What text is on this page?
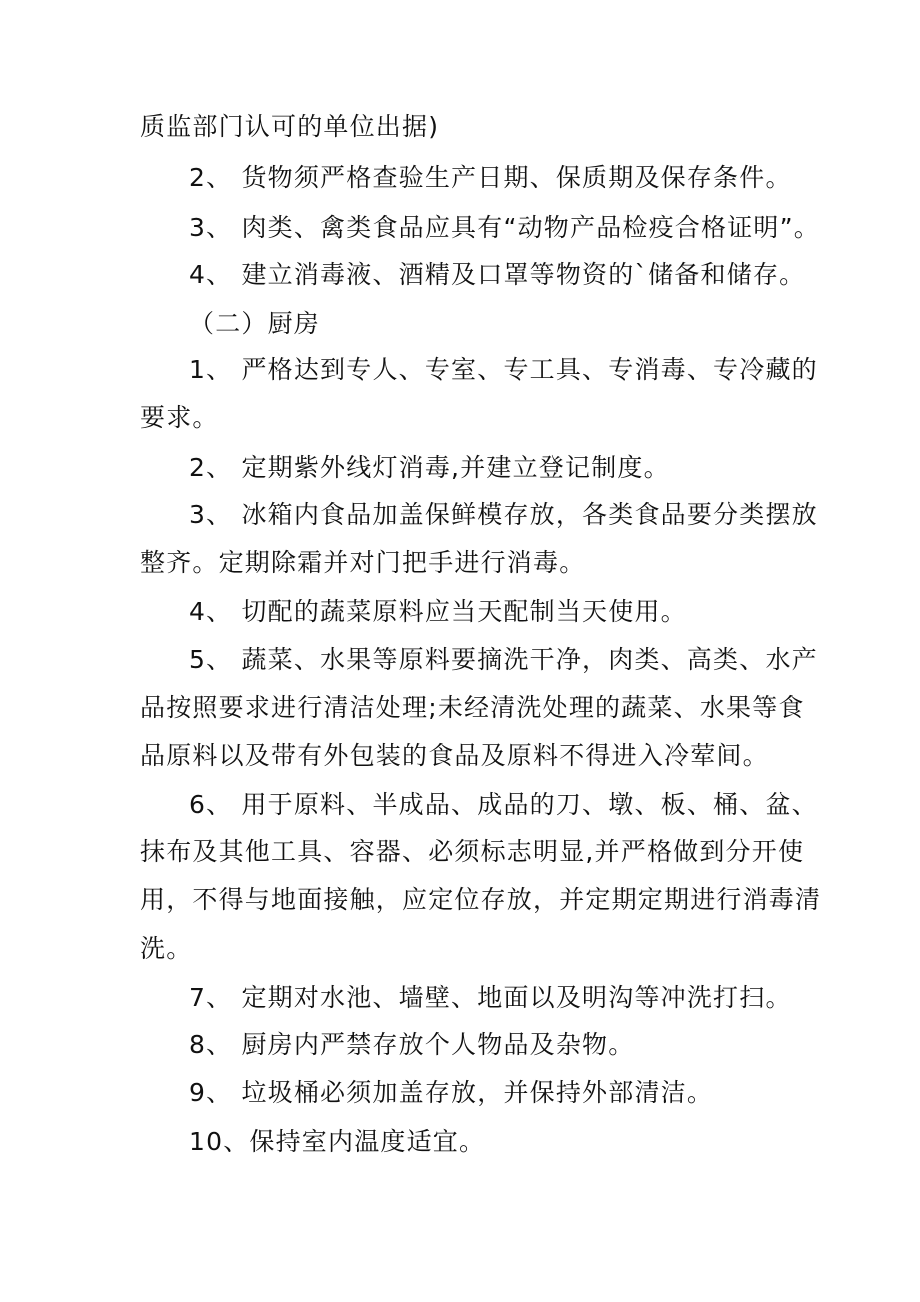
质监部门认可的单位出据)
2、 货物须严格查验生产日期、保质期及保存条件。
3、 肉类、禽类食品应具有“动物产品检疫合格证明”。
4、 建立消毒液、酒精及口罩等物资的`储备和储存。
（二）厨房
1、 严格达到专人、专室、专工具、专消毒、专冷藏的
要求。
2、 定期紫外线灯消毒,并建立登记制度。
3、 冰箱内食品加盖保鲜模存放，各类食品要分类摆放
整齐。定期除霜并对门把手进行消毒。
4、 切配的蔬菜原料应当天配制当天使用。
5、 蔬菜、水果等原料要摘洗干净，肉类、高类、水产
品按照要求进行清洁处理;未经清洗处理的蔬菜、水果等食
品原料以及带有外包装的食品及原料不得进入冷荤间。
6、 用于原料、半成品、成品的刀、墩、板、桶、盆、
抹布及其他工具、容器、必须标志明显,并严格做到分开使
用，不得与地面接触，应定位存放，并定期定期进行消毒清
洗。
7、 定期对水池、墙壁、地面以及明沟等冲洗打扫。
8、 厨房内严禁存放个人物品及杂物。
9、 垃圾桶必须加盖存放，并保持外部清洁。
10、保持室内温度适宜。
